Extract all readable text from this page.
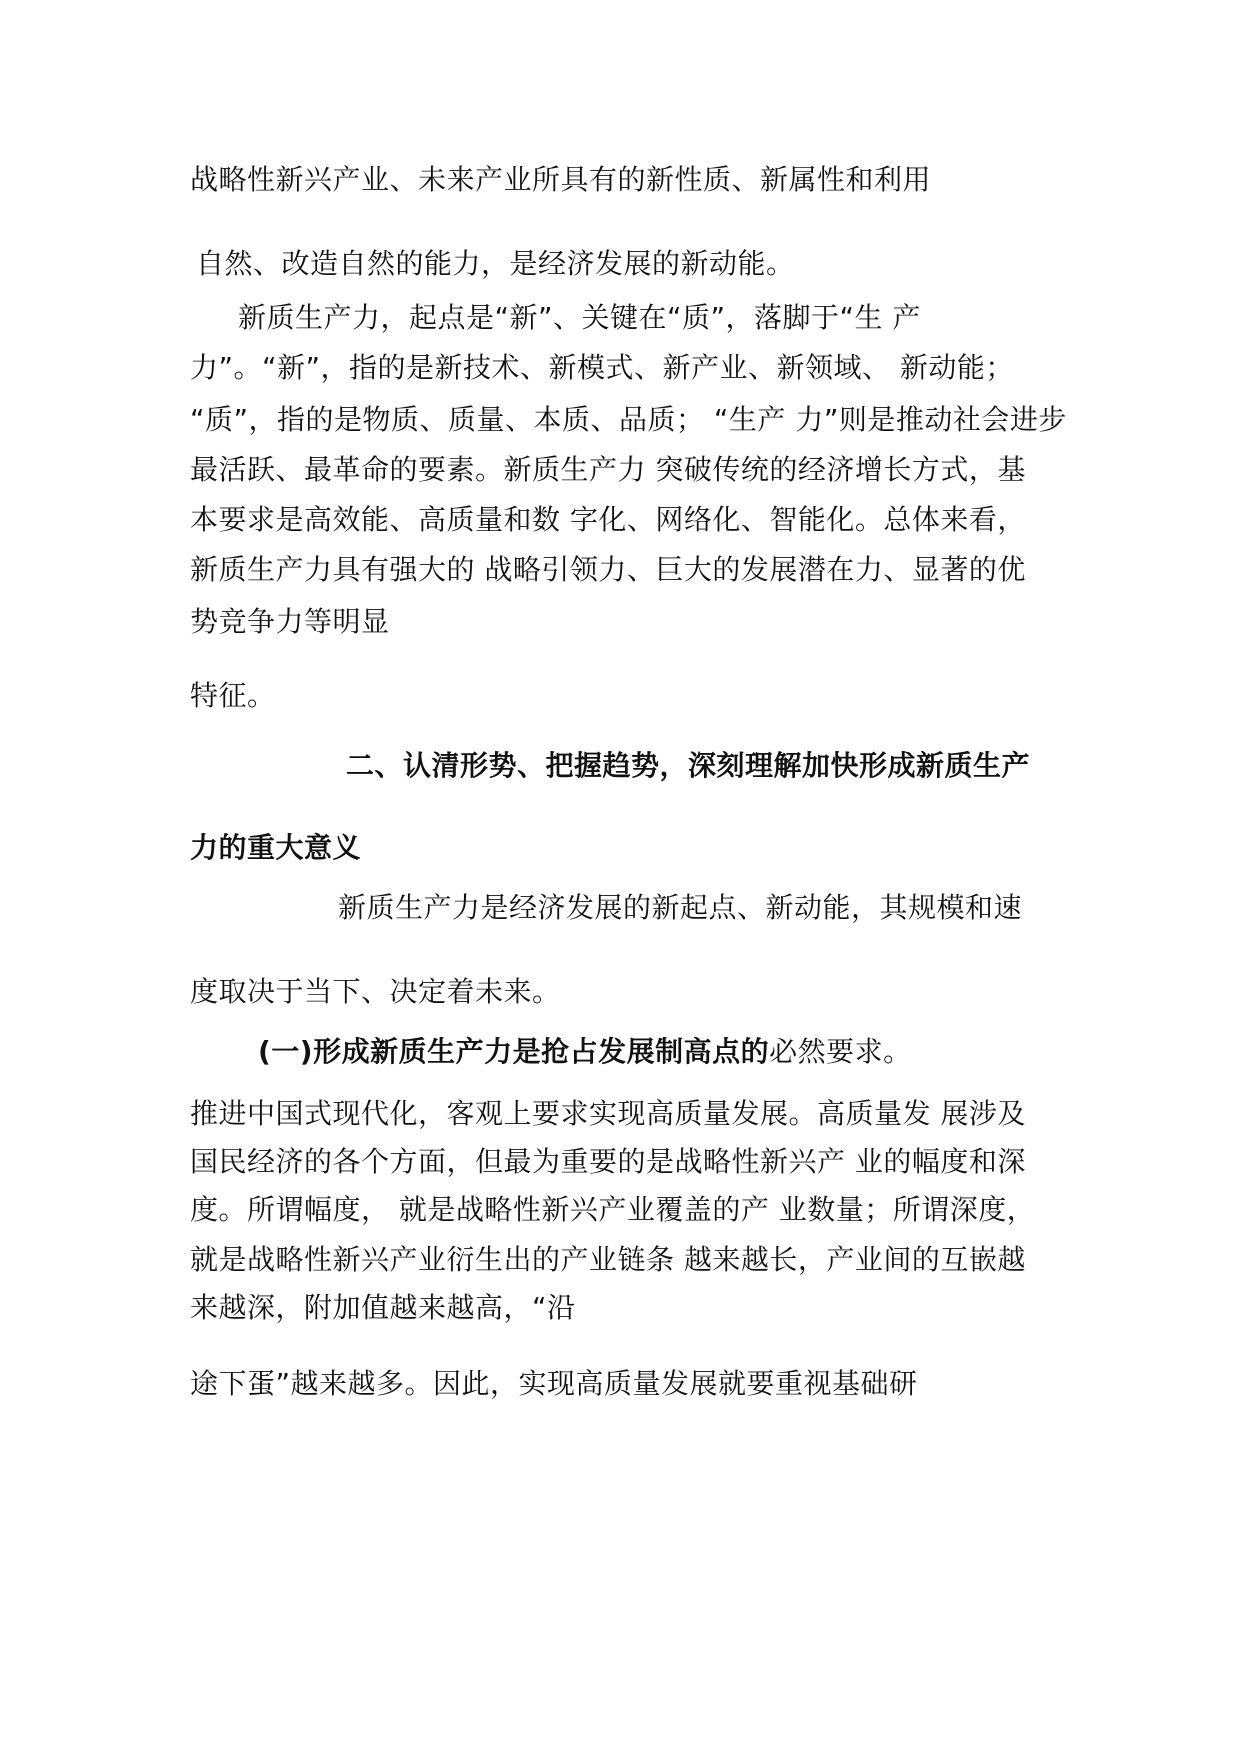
战略性新兴产业、未来产业所具有的新性质、新属性和利用
自然、改造自然的能力，是经济发展的新动能。
新质生产力，起点是“新”、关键在“质”，落脚于“生 产
力”。“新”，指的是新技术、新模式、新产业、新领域、 新动能；
“质”，指的是物质、质量、本质、品质； “生产 力”则是推动社会进步
最活跃、最革命的要素。新质生产力 突破传统的经济增长方式，基
本要求是高效能、高质量和数 字化、网络化、智能化。总体来看，
新质生产力具有强大的 战略引领力、巨大的发展潜在力、显著的优
势竞争力等明显
特征。
二、认清形势、把握趋势，深刻理解加快形成新质生产
力的重大意义
新质生产力是经济发展的新起点、新动能，其规模和速
度取决于当下、决定着未来。
(一)形成新质生产力是抢占发展制高点的必然要求。
推进中国式现代化，客观上要求实现高质量发展。高质量发 展涉及
国民经济的各个方面，但最为重要的是战略性新兴产 业的幅度和深
度。所谓幅度， 就是战略性新兴产业覆盖的产 业数量；所谓深度，
就是战略性新兴产业衍生出的产业链条 越来越长，产业间的互嵌越
来越深，附加值越来越高，“沿
途下蛋”越来越多。因此，实现高质量发展就要重视基础研
